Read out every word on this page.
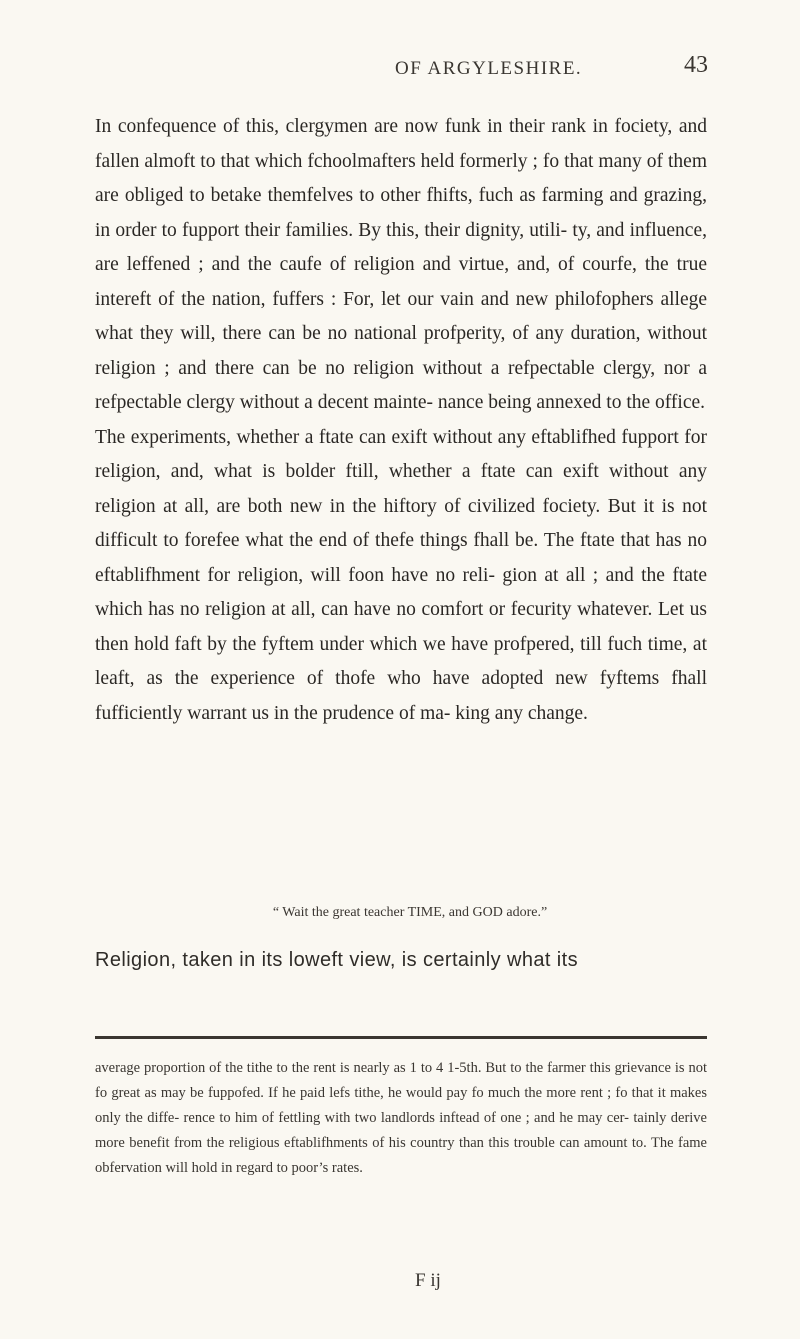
OF ARGYLESHIRE.	43

In confequence of this, clergymen are now funk in their rank in fociety, and fallen almoft to that which fchoolmafters held formerly ; fo that many of them are obliged to betake themfelves to other fhifts, fuch as farming and grazing, in order to fupport their families. By this, their dignity, utili- ty, and influence, are leffened ; and the caufe of religion and virtue, and, of courfe, the true intereft of the nation, fuffers : For, let our vain and new philofophers allege what they will, there can be no national profperity, of any duration, without religion ; and there can be no religion without a refpectable clergy, nor a refpectable clergy without a decent mainte- nance being annexed to the office.

The experiments, whether a ftate can exift without any eftablifhed fupport for religion, and, what is bolder ftill, whether a ftate can exift without any religion at all, are both new in the hiftory of civilized fociety. But it is not difficult to forefee what the end of thefe things fhall be. The ftate that has no eftablifhment for religion, will foon have no reli- gion at all ; and the ftate which has no religion at all, can have no comfort or fecurity whatever. Let us then hold faft by the fyftem under which we have profpered, till fuch time, at leaft, as the experience of thofe who have adopted new fyftems fhall fufficiently warrant us in the prudence of ma- king any change.

“ Wait the great teacher TIME, and GOD adore.”
Religion, taken in its loweft view, is certainly what its
average proportion of the tithe to the rent is nearly as 1 to 4 1-5th. But to the farmer this grievance is not fo great as may be fuppofed. If he paid lefs tithe, he would pay fo much the more rent ; fo that it makes only the diffe- rence to him of fettling with two landlords inftead of one ; and he may cer- tainly derive more benefit from the religious eftablifhments of his country than this trouble can amount to. The fame obfervation will hold in regard to poor’s rates.
F ij
